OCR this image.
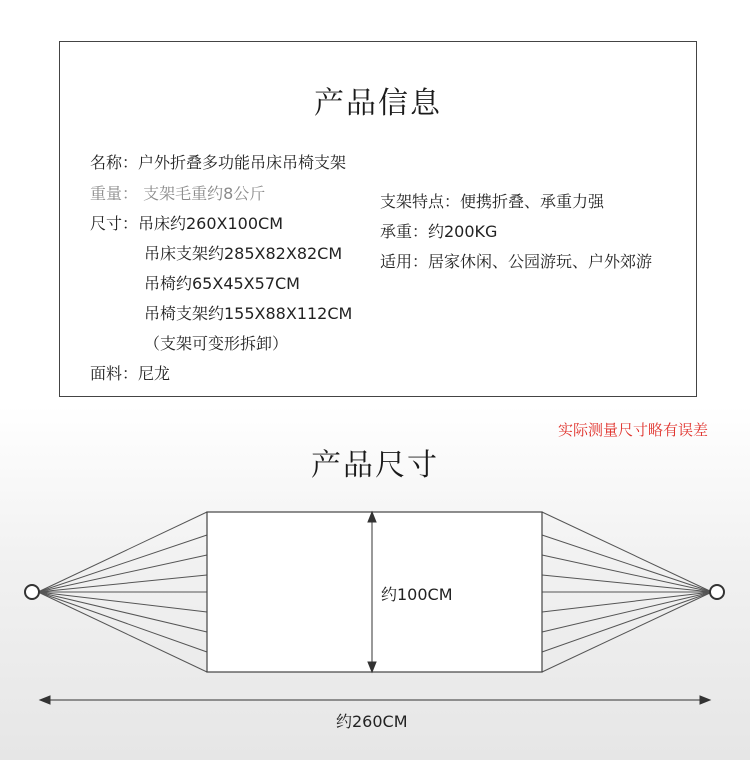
产品信息
名称：户外折叠多功能吊床吊椅支架
重量： 支架毛重约8公斤
尺寸：吊床约260X100CM
吊床支架约285X82X82CM
吊椅约65X45X57CM
吊椅支架约155X88X112CM
（支架可变形拆卸）
面料：尼龙
支架特点：便携折叠、承重力强
承重：约200KG
适用：居家休闲、公园游玩、户外郊游
实际测量尺寸略有误差
产品尺寸
约100CM
约260CM
